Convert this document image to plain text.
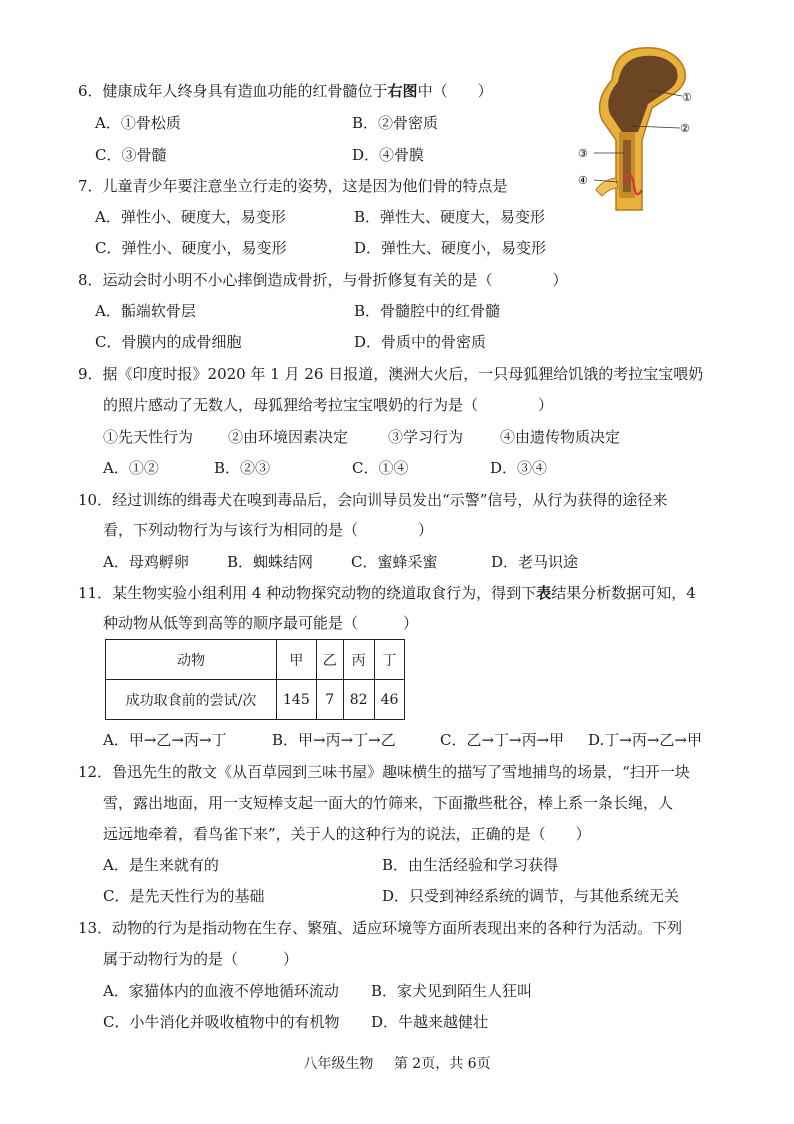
6．健康成年人终身具有造血功能的红骨髓位于右图中（　　）
A．①骨松质	B．②骨密质
C．③骨髓	D．④骨膜
①
②
③
④
7．儿童青少年要注意坐立行走的姿势，这是因为他们骨的特点是
A．弹性小、硬度大，易变形	B．弹性大、硬度大，易变形
C．弹性小、硬度小，易变形	D．弹性大、硬度小，易变形
8．运动会时小明不小心摔倒造成骨折，与骨折修复有关的是（　　　　）
A．骺端软骨层	B．骨髓腔中的红骨髓
C．骨膜内的成骨细胞	D．骨质中的骨密质
9．据《印度时报》2020 年 1 月 26 日报道，澳洲大火后，一只母狐狸给饥饿的考拉宝宝喂奶
的照片感动了无数人，母狐狸给考拉宝宝喂奶的行为是（　　　　）
①先天性行为 ②由环境因素决定	③学习行为 ④由遗传物质决定
A．①②	B．②③	C．①④	D．③④
10．经过训练的缉毒犬在嗅到毒品后，会向训导员发出“示警”信号，从行为获得的途径来
看，下列动物行为与该行为相同的是（　　　　）
A．母鸡孵卵	B．蜘蛛结网	C．蜜蜂采蜜	D．老马识途
11．某生物实验小组利用 4 种动物探究动物的绕道取食行为，得到下表结果分析数据可知，4
种动物从低等到高等的顺序最可能是（　　　）
动物	甲	乙	丙	丁
成功取食前的尝试/次	145	7	82	46
A．甲→乙→丙→丁	B．甲→丙→丁→乙	C．乙→丁→丙→甲 D.丁→丙→乙→甲
12．鲁迅先生的散文《从百草园到三味书屋》趣味横生的描写了雪地捕鸟的场景，“扫开一块
雪，露出地面，用一支短棒支起一面大的竹筛来，下面撒些秕谷，棒上系一条长绳，人
远远地牵着，看鸟雀下来”，关于人的这种行为的说法，正确的是（　　）
A．是生来就有的	B．由生活经验和学习获得
C．是先天性行为的基础	D．只受到神经系统的调节，与其他系统无关
13．动物的行为是指动物在生存、繁殖、适应环境等方面所表现出来的各种行为活动。下列
属于动物行为的是（　　　）
A．家猫体内的血液不停地循环流动 B．家犬见到陌生人狂叫
C．小牛消化并吸收植物中的有机物 D．牛越来越健壮
八年级生物 第 2页，共 6页
